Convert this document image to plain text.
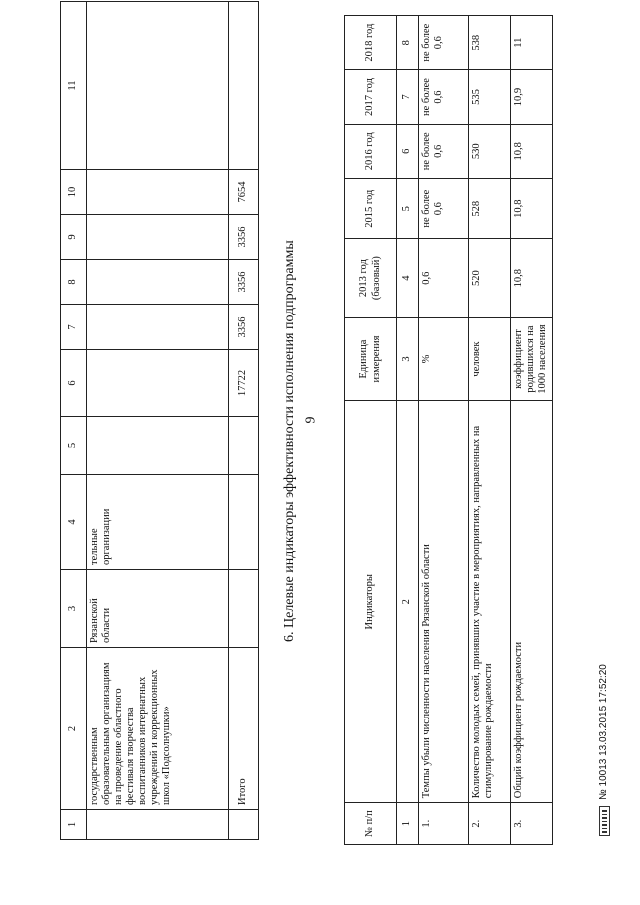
9
1	2	3	4	5	6	7	8	9	10	11
	государственным образовательным организациям на проведение областного фестиваля творчества воспитанников интернатных учреждений и коррекционных школ «Подсолнушки»	Рязанской области	тельные организации							
	Итого				17722	3356	3356	3356	7654	
6. Целевые индикаторы эффективности исполнения подпрограммы
№ п/п	Индикаторы	Единица измерения	2013 год (базовый)	2015 год	2016 год	2017 год	2018 год
1	2	3	4	5	6	7	8
1.	Темпы убыли численности населения Рязанской области	%	0,6	не более 0,6	не более 0,6	не более 0,6	не более 0,6
2.	Количество молодых семей, принявших участие в мероприятиях, направленных на стимулирование рождаемости	человек	520	528	530	535	538
3.	Общий коэффициент рождаемости	коэффициент родившихся на 1000 населения	10,8	10,8	10,8	10,9	11
№ 10013 13.03.2015 17:52:20
